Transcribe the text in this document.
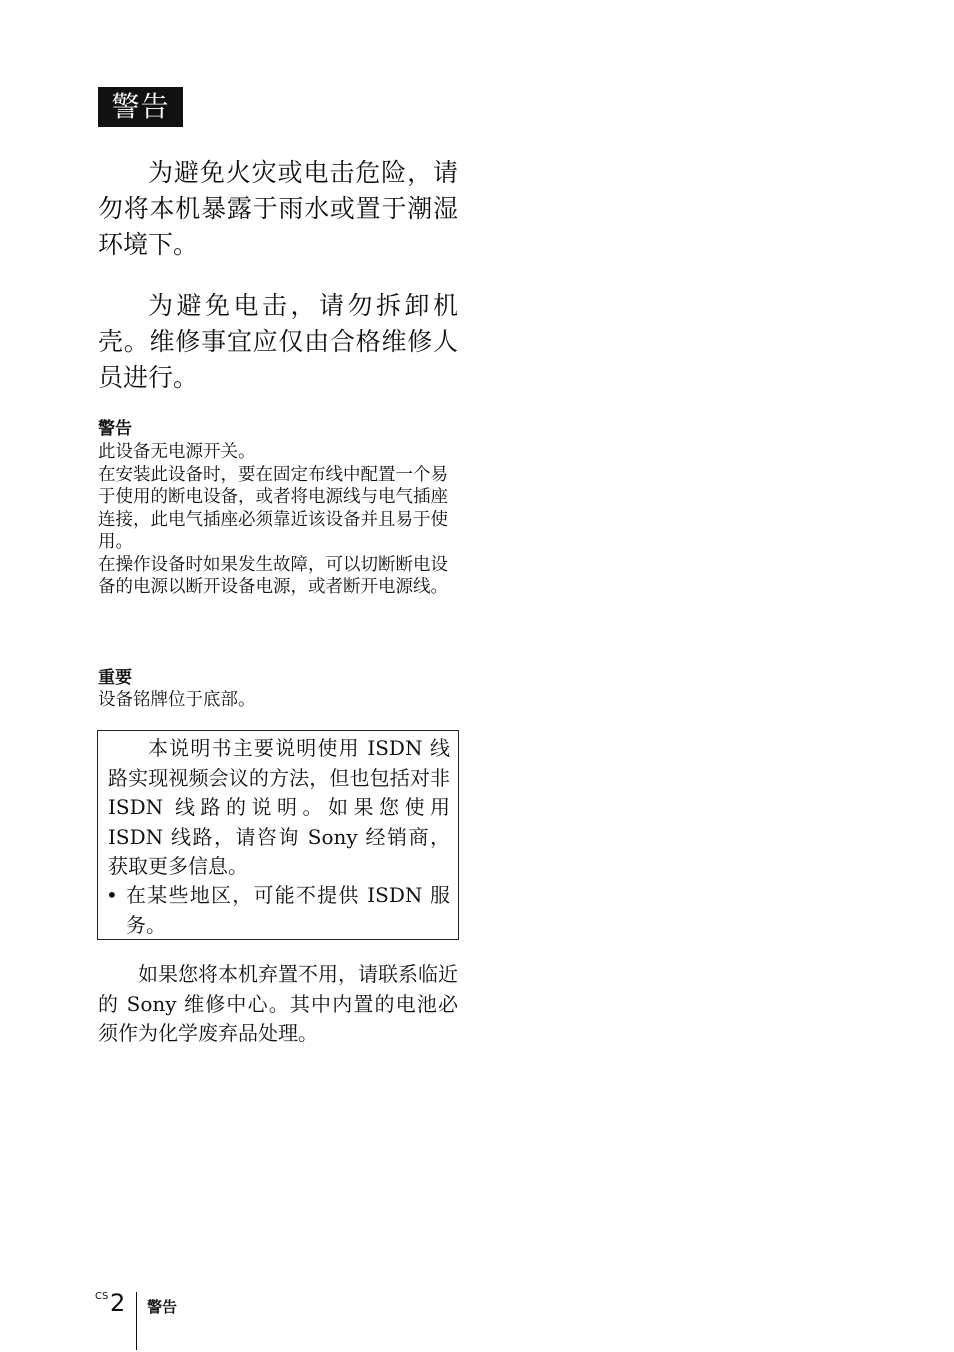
警告

为避免火灾或电击危险，请勿将本机暴露于雨水或置于潮湿环境下。

为避免电击，请勿拆卸机壳。维修事宜应仅由合格维修人员进行。

警告

此设备无电源开关。

在安装此设备时，要在固定布线中配置一个易于使用的断电设备，或者将电源线与电气插座连接，此电气插座必须靠近该设备并且易于使用。

在操作设备时如果发生故障，可以切断断电设备的电源以断开设备电源，或者断开电源线。

重要

设备铭牌位于底部。

本说明书主要说明使用 ISDN 线路实现视频会议的方法，但也包括对非 ISDN 线路的说明。如果您使用 ISDN 线路，请咨询 Sony 经销商，获取更多信息。

• 在某些地区，可能不提供 ISDN 服务。

如果您将本机弃置不用，请联系临近的 Sony 维修中心。其中内置的电池必须作为化学废弃品处理。

CS 2 警告
